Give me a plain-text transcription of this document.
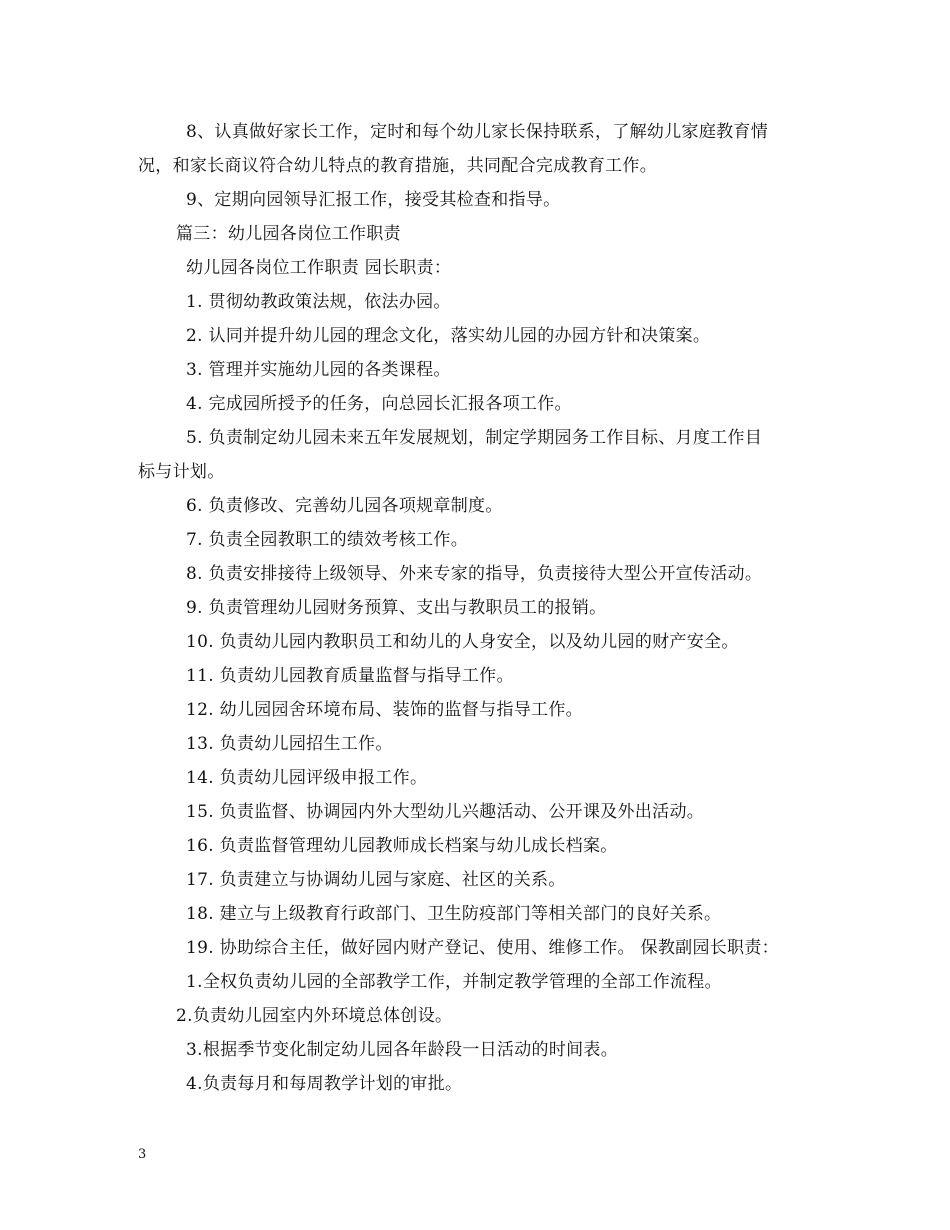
8、认真做好家长工作，定时和每个幼儿家长保持联系，了解幼儿家庭教育情
况，和家长商议符合幼儿特点的教育措施，共同配合完成教育工作。
9、定期向园领导汇报工作，接受其检查和指导。
篇三：幼儿园各岗位工作职责
幼儿园各岗位工作职责 园长职责：
1. 贯彻幼教政策法规，依法办园。
2. 认同并提升幼儿园的理念文化，落实幼儿园的办园方针和决策案。
3. 管理并实施幼儿园的各类课程。
4. 完成园所授予的任务，向总园长汇报各项工作。
5. 负责制定幼儿园未来五年发展规划，制定学期园务工作目标、月度工作目
标与计划。
6. 负责修改、完善幼儿园各项规章制度。
7. 负责全园教职工的绩效考核工作。
8. 负责安排接待上级领导、外来专家的指导，负责接待大型公开宣传活动。
9. 负责管理幼儿园财务预算、支出与教职员工的报销。
10. 负责幼儿园内教职员工和幼儿的人身安全，以及幼儿园的财产安全。
11. 负责幼儿园教育质量监督与指导工作。
12. 幼儿园园舍环境布局、装饰的监督与指导工作。
13. 负责幼儿园招生工作。
14. 负责幼儿园评级申报工作。
15. 负责监督、协调园内外大型幼儿兴趣活动、公开课及外出活动。
16. 负责监督管理幼儿园教师成长档案与幼儿成长档案。
17. 负责建立与协调幼儿园与家庭、社区的关系。
18. 建立与上级教育行政部门、卫生防疫部门等相关部门的良好关系。
19. 协助综合主任，做好园内财产登记、使用、维修工作。 保教副园长职责：
1.全权负责幼儿园的全部教学工作，并制定教学管理的全部工作流程。
2.负责幼儿园室内外环境总体创设。
3.根据季节变化制定幼儿园各年龄段一日活动的时间表。
4.负责每月和每周教学计划的审批。
3
